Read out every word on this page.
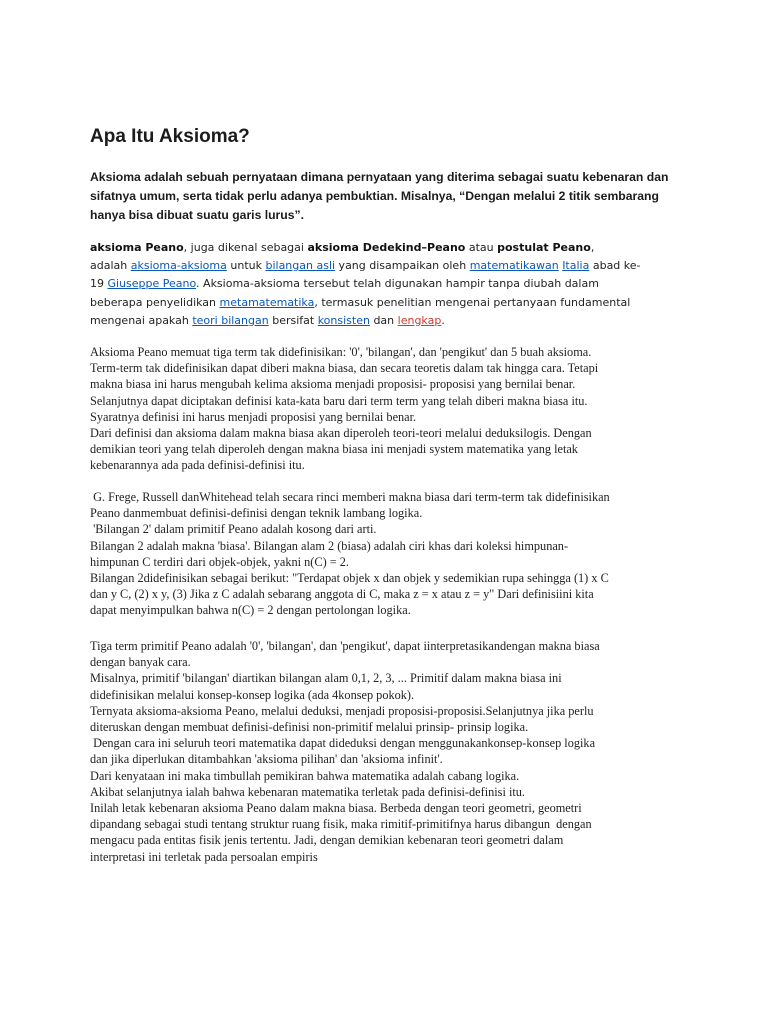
Apa Itu Aksioma?

Aksioma adalah sebuah pernyataan dimana pernyataan yang diterima sebagai suatu kebenaran dan
sifatnya umum, serta tidak perlu adanya pembuktian. Misalnya, “Dengan melalui 2 titik sembarang
hanya bisa dibuat suatu garis lurus”.

aksioma Peano, juga dikenal sebagai aksioma Dedekind–Peano atau postulat Peano,
adalah aksioma-aksioma untuk bilangan asli yang disampaikan oleh matematikawan Italia abad ke-
19 Giuseppe Peano. Aksioma-aksioma tersebut telah digunakan hampir tanpa diubah dalam
beberapa penyelidikan metamatematika, termasuk penelitian mengenai pertanyaan fundamental
mengenai apakah teori bilangan bersifat konsisten dan lengkap.

Aksioma Peano memuat tiga term tak didefinisikan: '0', 'bilangan', dan 'pengikut' dan 5 buah aksioma.
Term-term tak didefinisikan dapat diberi makna biasa, dan secara teoretis dalam tak hingga cara. Tetapi
makna biasa ini harus mengubah kelima aksioma menjadi proposisi- proposisi yang bernilai benar.
Selanjutnya dapat diciptakan definisi kata-kata baru dari term term yang telah diberi makna biasa itu.
Syaratnya definisi ini harus menjadi proposisi yang bernilai benar.
Dari definisi dan aksioma dalam makna biasa akan diperoleh teori-teori melalui deduksilogis. Dengan
demikian teori yang telah diperoleh dengan makna biasa ini menjadi system matematika yang letak
kebenarannya ada pada definisi-definisi itu.

G. Frege, Russell danWhitehead telah secara rinci memberi makna biasa dari term-term tak didefinisikan
Peano danmembuat definisi-definisi dengan teknik lambang logika.
'Bilangan 2' dalam primitif Peano adalah kosong dari arti.
Bilangan 2 adalah makna 'biasa'. Bilangan alam 2 (biasa) adalah ciri khas dari koleksi himpunan-
himpunan C terdiri dari objek-objek, yakni n(C) = 2.
Bilangan 2didefinisikan sebagai berikut: "Terdapat objek x dan objek y sedemikian rupa sehingga (1) x C
dan y C, (2) x y, (3) Jika z C adalah sebarang anggota di C, maka z = x atau z = y" Dari definisiini kita
dapat menyimpulkan bahwa n(C) = 2 dengan pertolongan logika.

Tiga term primitif Peano adalah '0', 'bilangan', dan 'pengikut', dapat iinterpretasikandengan makna biasa
dengan banyak cara.
Misalnya, primitif 'bilangan' diartikan bilangan alam 0,1, 2, 3, ... Primitif dalam makna biasa ini
didefinisikan melalui konsep-konsep logika (ada 4konsep pokok).
Ternyata aksioma-aksioma Peano, melalui deduksi, menjadi proposisi-proposisi.Selanjutnya jika perlu
diteruskan dengan membuat definisi-definisi non-primitif melalui prinsip- prinsip logika.
Dengan cara ini seluruh teori matematika dapat dideduksi dengan menggunakankonsep-konsep logika
dan jika diperlukan ditambahkan 'aksioma pilihan' dan 'aksioma infinit'.
Dari kenyataan ini maka timbullah pemikiran bahwa matematika adalah cabang logika.
Akibat selanjutnya ialah bahwa kebenaran matematika terletak pada definisi-definisi itu.
Inilah letak kebenaran aksioma Peano dalam makna biasa. Berbeda dengan teori geometri, geometri
dipandang sebagai studi tentang struktur ruang fisik, maka rimitif-primitifnya harus dibangun  dengan
mengacu pada entitas fisik jenis tertentu. Jadi, dengan demikian kebenaran teori geometri dalam
interpretasi ini terletak pada persoalan empiris
